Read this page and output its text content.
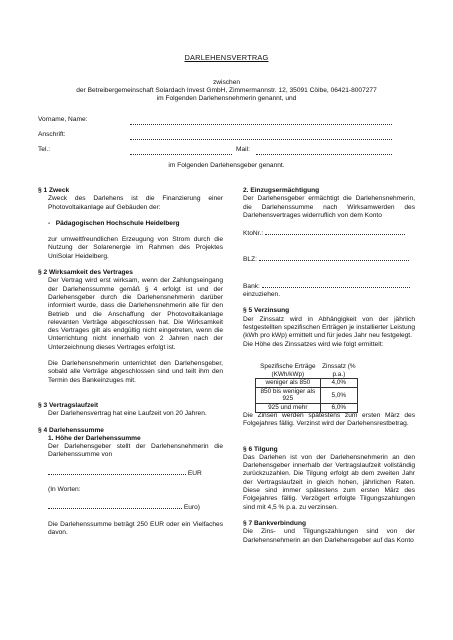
DARLEHENSVERTRAG
zwischen
der Betreibergemeinschaft Solardach Invest GmbH, Zimmermannstr. 12, 35091 Cölbe, 06421-8007277
im Folgenden Darlehensnehmerin genannt, und
Vorname, Name:
Anschrift:
Tel.:	Mail:
im Folgenden Darlehensgeber genannt.

§ 1 Zweck

Zweck des Darlehens ist die Finanzierung einer Photovoltaikanlage auf Gebäuden der:

-   Pädagogischen Hochschule Heidelberg

zur umweltfreundlichen Erzeugung von Strom durch die Nutzung der Solarenergie im Rahmen des Projektes UniSolar Heidelberg.

§ 2 Wirksamkeit des Vertrages

Der Vertrag wird erst wirksam, wenn der Zahlungseingang der Darlehenssumme gemäß § 4 erfolgt ist und der Darlehensgeber durch die Darlehensnehmerin darüber informiert wurde, dass die Darlehensnehmerin alle für den Betrieb und die Anschaffung der Photovoltaikanlage relevanten Verträge abgeschlossen hat. Die Wirksamkeit des Vertrages gilt als endgültig nicht eingetreten, wenn die Unterrichtung nicht innerhalb von 2 Jahren nach der Unterzeichnung dieses Vertrages erfolgt ist.

Die Darlehensnehmerin unterrichtet den Darlehensgeber, sobald alle Verträge abgeschlossen sind und teilt ihm den Termin des Bankeinzuges mit.

§ 3 Vertragslaufzeit

Der Darlehensvertrag hat eine Laufzeit von 20 Jahren.

§ 4 Darlehenssumme

1. Höhe der Darlehenssumme

Der Darlehensgeber stellt der Darlehensnehmerin die Darlehenssumme von

EUR

(In Worten:

Euro)

Die Darlehenssumme beträgt 250 EUR oder ein Vielfaches davon.

2. Einzugsermächtigung

Der Darlehensgeber ermächtigt die Darlehensnehmerin, die Darlehenssumme nach Wirksamwerden des Darlehensvertrages widerruflich von dem Konto

KtoNr.:

BLZ:

Bank:

einzuziehen.

§ 5 Verzinsung

Der Zinssatz wird in Abhängigkeit von der jährlich festgestellten spezifischen Erträgen je installierter Leistung (kWh pro kWp) ermittelt und für jedes Jahr neu festgelegt.

Die Höhe des Zinssatzes wird wie folgt ermittelt:

Spezifische Erträge (KWh/kWp)	Zinssatz (% p.a.)
weniger als 850	4,0%
850 bis weniger als 925	5,0%
925 und mehr	6,0%

Die Zinsen werden spätestens zum ersten März des Folgejahres fällig. Verzinst wird der Darlehensrestbetrag.

§ 6 Tilgung

Das Darlehen ist von der Darlehensnehmerin an den Darlehensgeber innerhalb der Vertragslaufzeit vollständig zurückzuzahlen. Die Tilgung erfolgt ab dem zweiten Jahr der Vertragslaufzeit in gleich hohen, jährlichen Raten. Diese sind immer spätestens zum ersten März des Folgejahres fällig. Verzögert erfolgte Tilgungszahlungen sind mit 4,5 % p.a. zu verzinsen.

§ 7 Bankverbindung

Die Zins- und Tilgungszahlungen sind von der Darlehensnehmerin an den Darlehensgeber auf das Konto
